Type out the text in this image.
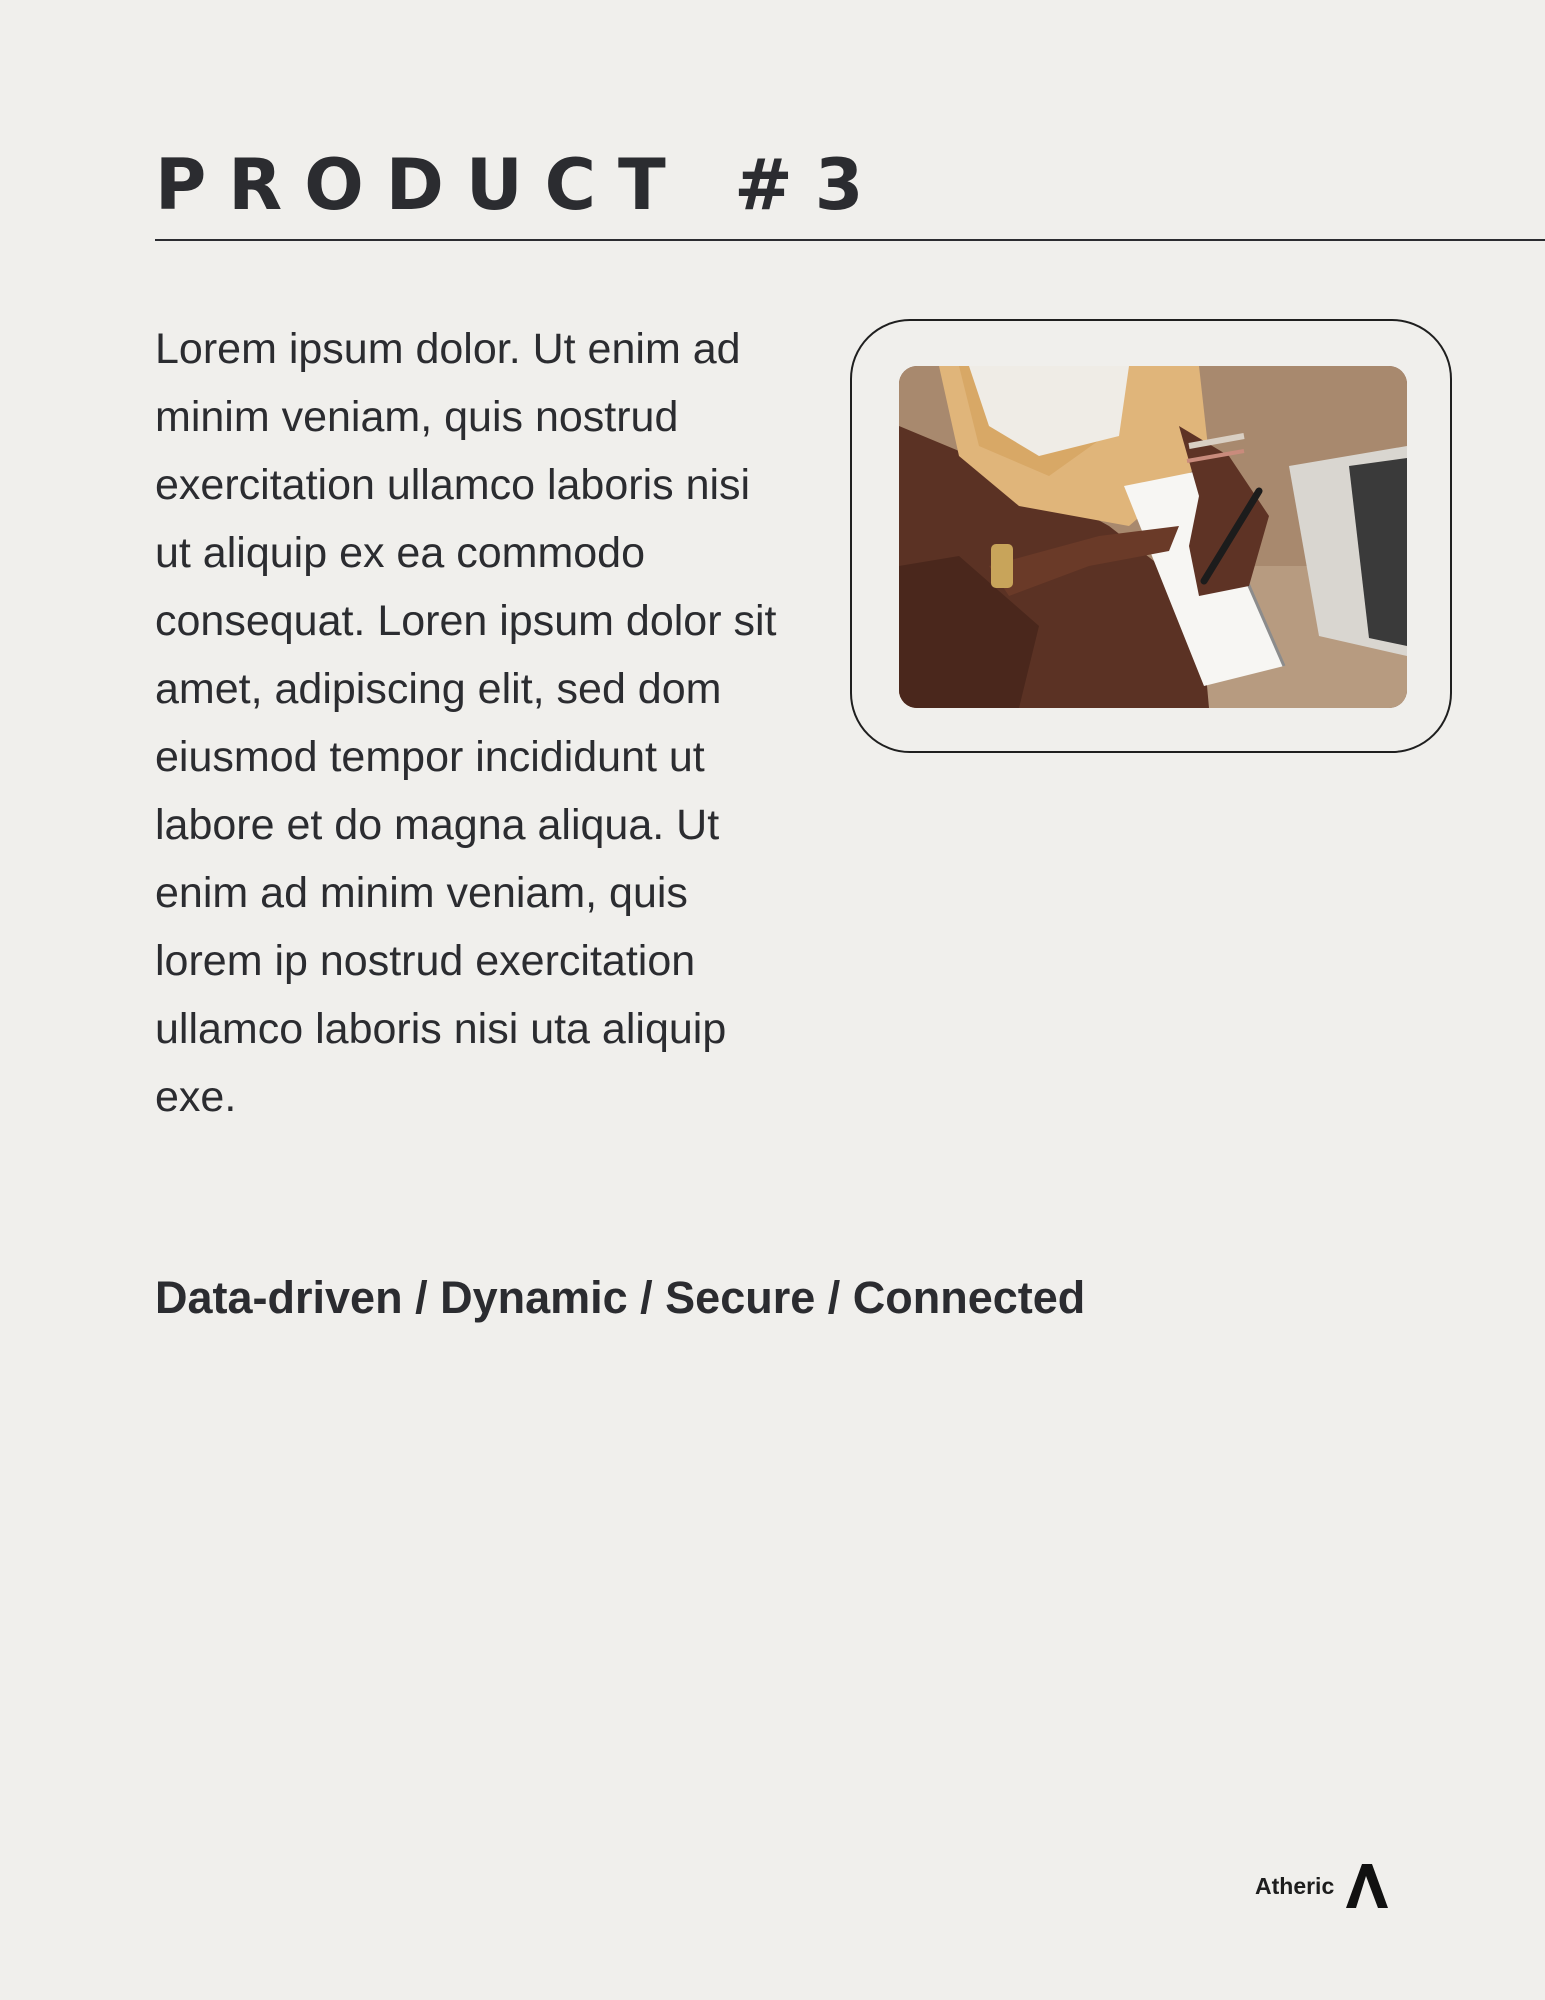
PRODUCT #3

Lorem ipsum dolor. Ut enim ad minim veniam, quis nostrud exercitation ullamco laboris nisi ut aliquip ex ea commodo consequat. Loren ipsum dolor sit amet, adipiscing elit, sed dom eiusmod tempor incididunt ut labore et do magna aliqua. Ut enim ad minim veniam, quis lorem ip nostrud exercitation ullamco laboris nisi uta aliquip exe.

Data-driven / Dynamic / Secure / Connected

Atheric
